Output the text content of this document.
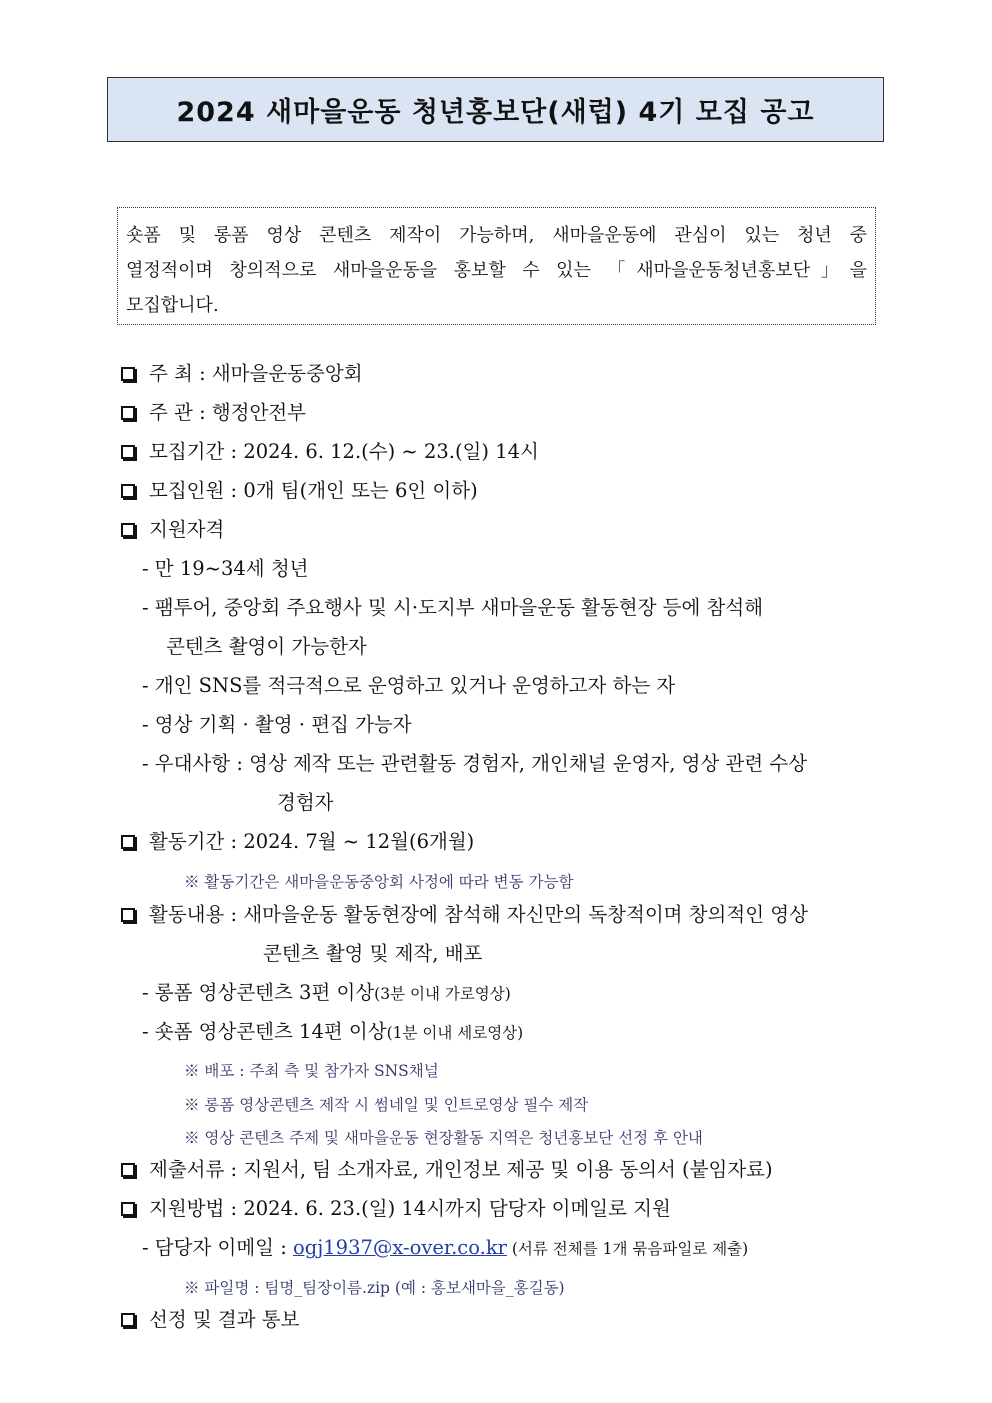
2024 새마을운동 청년홍보단(새럽) 4기 모집 공고
숏폼 및 롱폼 영상 콘텐츠 제작이 가능하며, 새마을운동에 관심이 있는 청년 중
열정적이며 창의적으로 새마을운동을 홍보할 수 있는 「새마을운동청년홍보단」을
모집합니다.
주 최 : 새마을운동중앙회
주 관 : 행정안전부
모집기간 : 2024. 6. 12.(수) ~ 23.(일) 14시
모집인원 : 0개 팀(개인 또는 6인 이하)
지원자격
- 만 19~34세 청년
- 팸투어, 중앙회 주요행사 및 시·도지부 새마을운동 활동현장 등에 참석해
콘텐츠 촬영이 가능한자
- 개인 SNS를 적극적으로 운영하고 있거나 운영하고자 하는 자
- 영상 기획 · 촬영 · 편집 가능자
- 우대사항 : 영상 제작 또는 관련활동 경험자, 개인채널 운영자, 영상 관련 수상
경험자
활동기간 : 2024. 7월 ~ 12월(6개월)
※ 활동기간은 새마을운동중앙회 사정에 따라 변동 가능함
활동내용 : 새마을운동 활동현장에 참석해 자신만의 독창적이며 창의적인 영상
콘텐츠 촬영 및 제작, 배포
- 롱폼 영상콘텐츠 3편 이상(3분 이내 가로영상)
- 숏폼 영상콘텐츠 14편 이상(1분 이내 세로영상)
※ 배포 : 주최 측 및 참가자 SNS채널
※ 롱폼 영상콘텐츠 제작 시 썸네일 및 인트로영상 필수 제작
※ 영상 콘텐츠 주제 및 새마을운동 현장활동 지역은 청년홍보단 선정 후 안내
제출서류 : 지원서, 팀 소개자료, 개인정보 제공 및 이용 동의서 (붙임자료)
지원방법 : 2024. 6. 23.(일) 14시까지 담당자 이메일로 지원
- 담당자 이메일 : ogj1937@x-over.co.kr (서류 전체를 1개 묶음파일로 제출)
※ 파일명 : 팀명_팀장이름.zip (예 : 홍보새마을_홍길동)
선정 및 결과 통보
